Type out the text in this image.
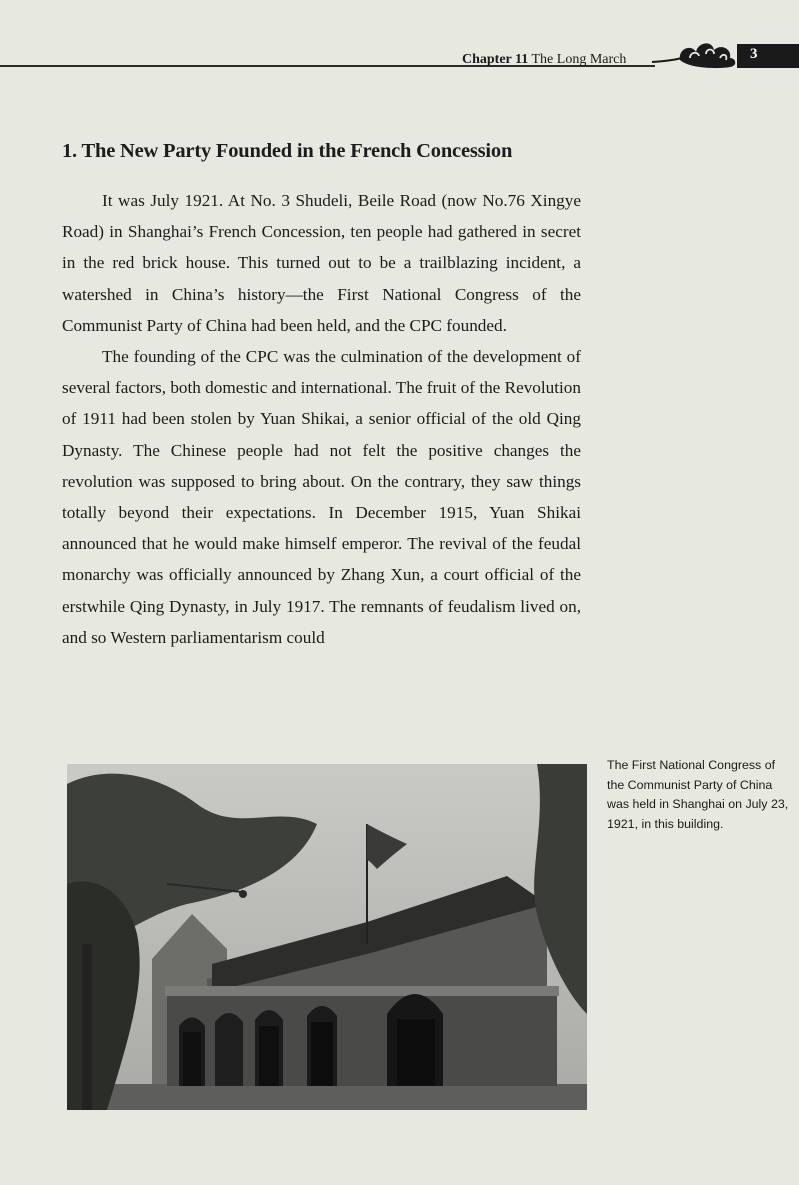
Chapter 11 The Long March	3
1. The New Party Founded in the French Concession

It was July 1921. At No. 3 Shudeli, Beile Road (now No.76 Xingye Road) in Shanghai’s French Concession, ten people had gathered in secret in the red brick house. This turned out to be a trailblazing incident, a watershed in China’s history—the First National Congress of the Communist Party of China had been held, and the CPC founded.

The founding of the CPC was the culmination of the development of several factors, both domestic and international. The fruit of the Revolution of 1911 had been stolen by Yuan Shikai, a senior official of the old Qing Dynasty. The Chinese people had not felt the positive changes the revolution was supposed to bring about. On the contrary, they saw things totally beyond their expectations. In December 1915, Yuan Shikai announced that he would make himself emperor. The revival of the feudal monarchy was officially announced by Zhang Xun, a court official of the erstwhile Qing Dynasty, in July 1917. The remnants of feudalism lived on, and so Western parliamentarism could

The First National Congress of the Communist Party of China was held in Shanghai on July 23, 1921, in this building.
